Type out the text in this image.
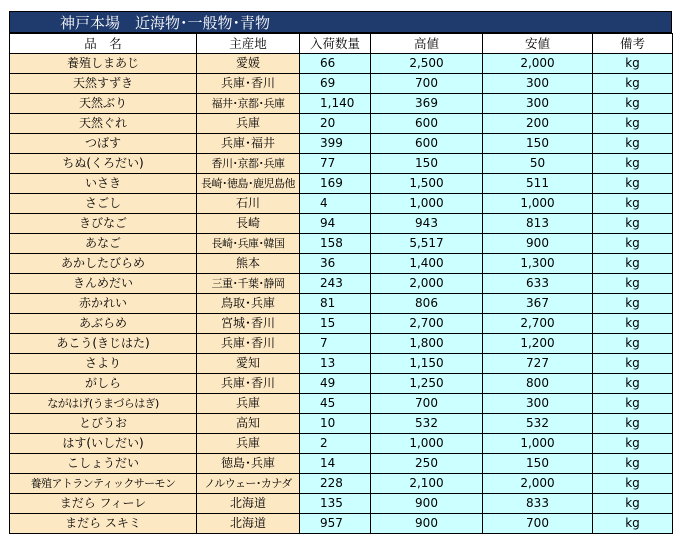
神戸本場　近海物･一般物･青物
品　名	主産地	入荷数量	高値	安値	備考
養殖しまあじ	愛媛	66	2,500	2,000	kg
天然すずき	兵庫･香川	69	700	300	kg
天然ぶり	福井･京都･兵庫	1,140	369	300	kg
天然ぐれ	兵庫	20	600	200	kg
つばす	兵庫･福井	399	600	150	kg
ちぬ(くろだい)	香川･京都･兵庫	77	150	50	kg
いさき	長崎･徳島･鹿児島他	169	1,500	511	kg
さごし	石川	4	1,000	1,000	kg
きびなご	長崎	94	943	813	kg
あなご	長崎･兵庫･韓国	158	5,517	900	kg
あかしたびらめ	熊本	36	1,400	1,300	kg
きんめだい	三重･千葉･静岡	243	2,000	633	kg
赤かれい	鳥取･兵庫	81	806	367	kg
あぶらめ	宮城･香川	15	2,700	2,700	kg
あこう(きじはた)	兵庫･香川	7	1,800	1,200	kg
さより	愛知	13	1,150	727	kg
がしら	兵庫･香川	49	1,250	800	kg
ながはげ(うまづらはぎ)	兵庫	45	700	300	kg
とびうお	高知	10	532	532	kg
はす(いしだい)	兵庫	2	1,000	1,000	kg
こしょうだい	徳島･兵庫	14	250	150	kg
養殖アトランティックサーモン	ノルウェー･カナダ	228	2,100	2,000	kg
まだら フィーレ	北海道	135	900	833	kg
まだら スキミ	北海道	957	900	700	kg
